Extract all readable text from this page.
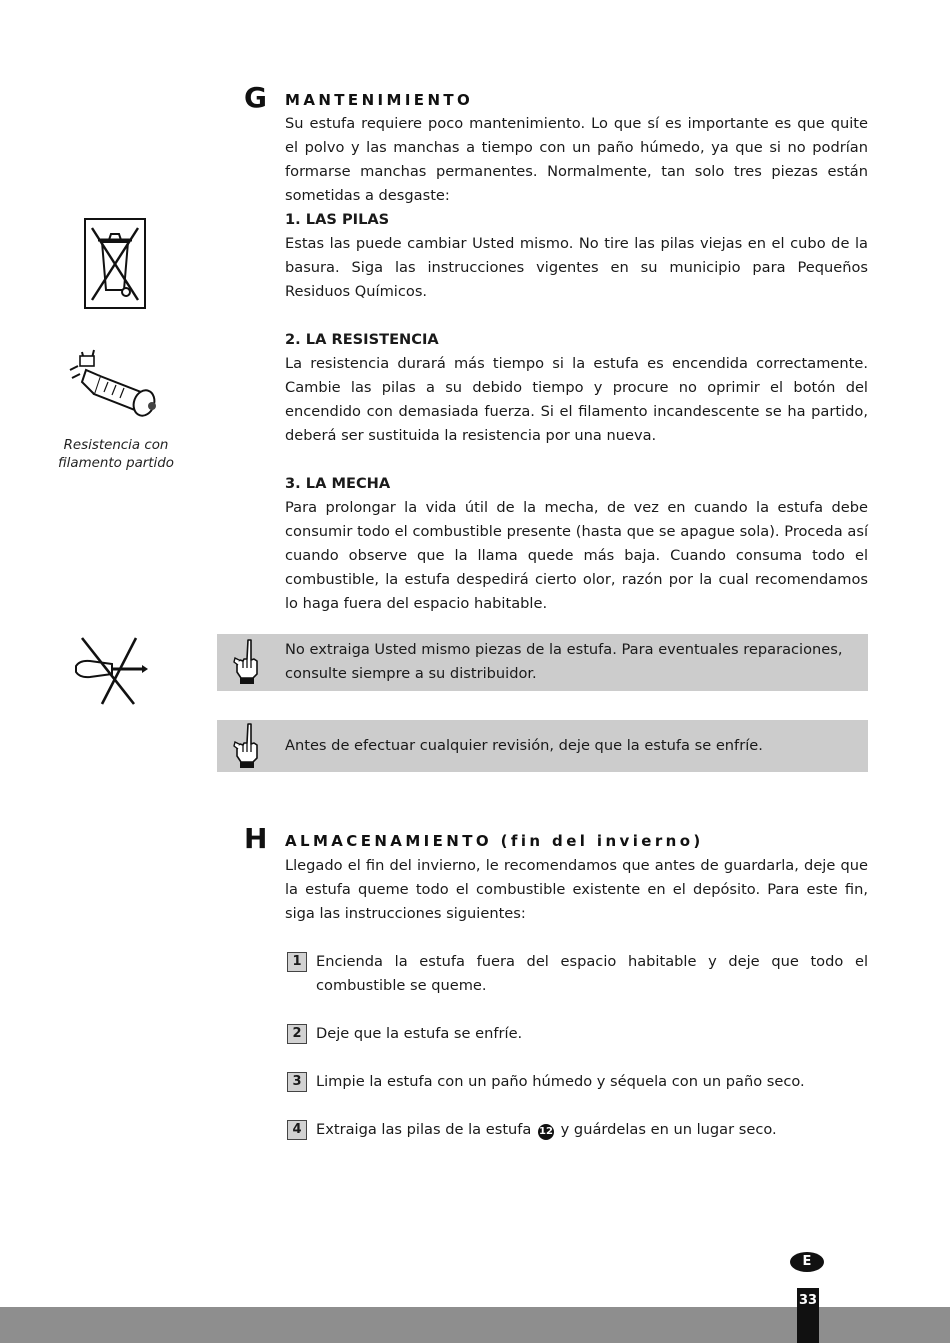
G MANTENIMIENTO

Su estufa requiere poco mantenimiento. Lo que sí es importante es que quite el polvo y las manchas a tiempo con un paño húmedo, ya que si no podrían formarse manchas permanentes. Normalmente, tan solo tres piezas están sometidas a desgaste:

1. LAS PILAS

Estas las puede cambiar Usted mismo. No tire las pilas viejas en el cubo de la basura. Siga las instrucciones vigentes en su municipio para Pequeños Residuos Químicos.

2. LA RESISTENCIA

La resistencia durará más tiempo si la estufa es encendida correctamente. Cambie las pilas a su debido tiempo y procure no oprimir el botón del encendido con demasiada fuerza. Si el filamento incandescente se ha partido, deberá ser sustituida la resistencia por una nueva.

3. LA MECHA

Para prolongar la vida útil de la mecha, de vez en cuando la estufa debe consumir todo el combustible presente (hasta que se apague sola). Proceda así cuando observe que la llama quede más baja. Cuando consuma todo el combustible, la estufa despedirá cierto olor, razón por la cual recomendamos lo haga fuera del espacio habitable.

No extraiga Usted mismo piezas de la estufa. Para eventuales reparaciones, consulte siempre a su distribuidor.

Antes de efectuar cualquier revisión, deje que la estufa se enfríe.

Resistencia con filamento partido
H ALMACENAMIENTO (fin del invierno)

Llegado el fin del invierno, le recomendamos que antes de guardarla, deje que la estufa queme todo el combustible existente en el depósito. Para este fin, siga las instrucciones siguientes:

1 Encienda la estufa fuera del espacio habitable y deje que todo el combustible se queme.

2 Deje que la estufa se enfríe.

3 Limpie la estufa con un paño húmedo y séquela con un paño seco.

4 Extraiga las pilas de la estufa 12 y guárdelas en un lugar seco.

E
33
